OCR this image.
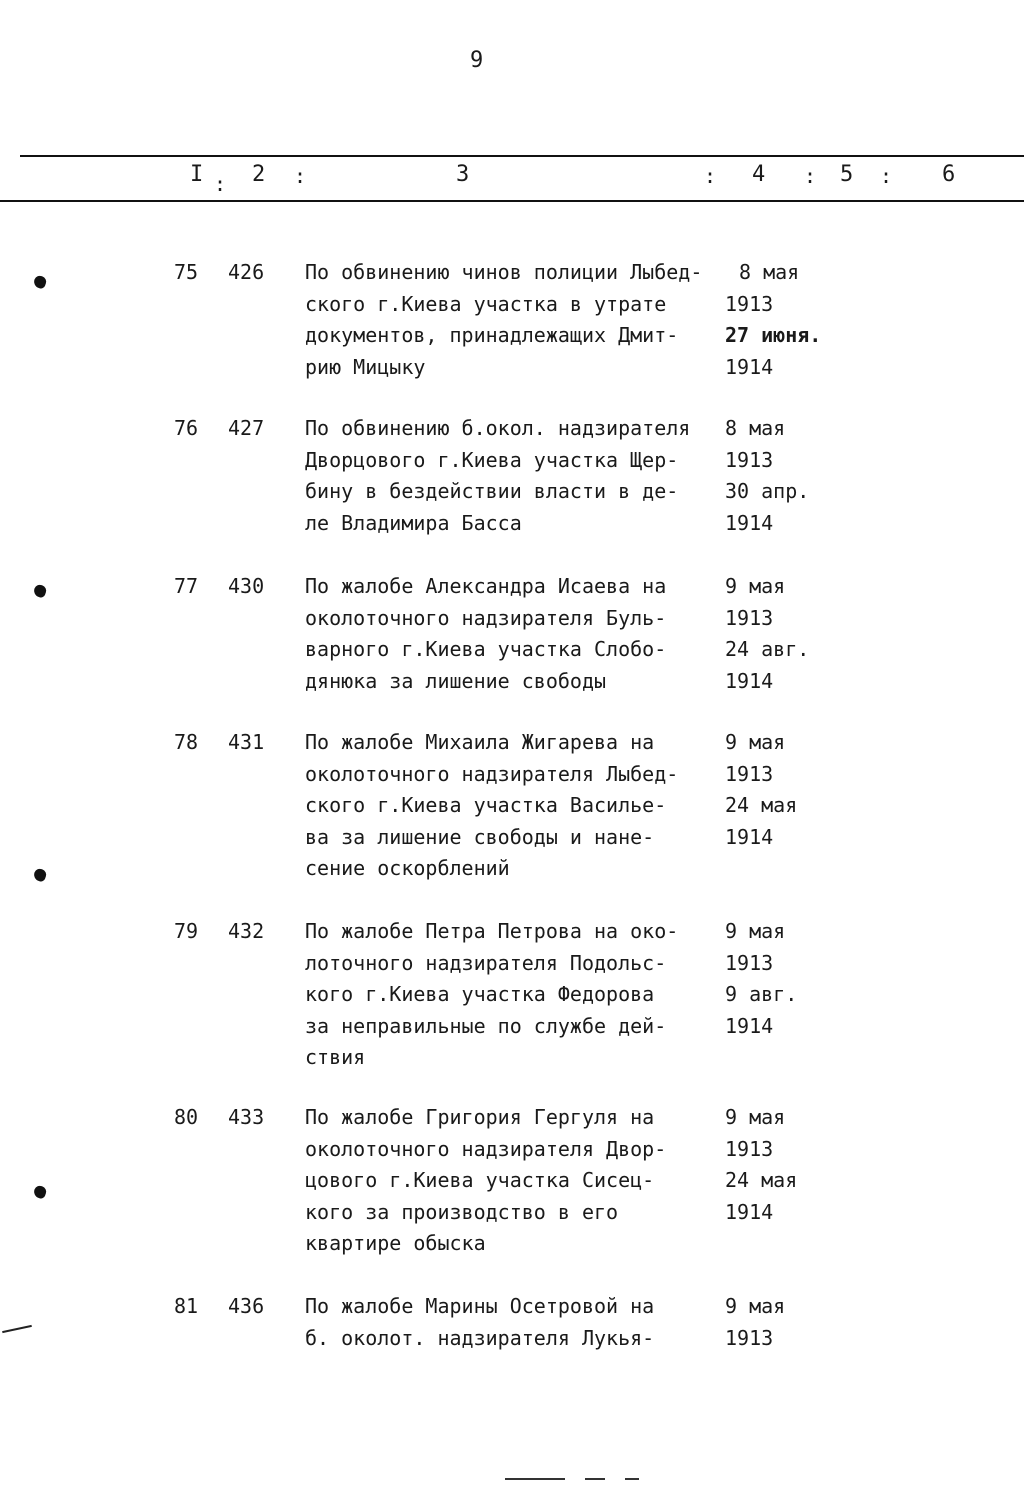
9
I : 2 :	3	: 4 : 5 : 6
75 426 По обвинению чинов полиции Лыбед-
ского г.Киева участка в утрате
документов, принадлежащих Дмит-
рию Мицыку
8 мая
1913
27 июня.
1914
76 427 По обвинению б.окол. надзирателя
Дворцового г.Киева участка Щер-
бину в бездействии власти в де-
ле Владимира Басса
8 мая
1913
30 апр.
1914
77 430 По жалобе Александра Исаева на
околоточного надзирателя Буль-
варного г.Киева участка Слобо-
дянюка за лишение свободы
9 мая
1913
24 авг.
1914
78 431 По жалобе Михаила Жигарева на
околоточного надзирателя Лыбед-
ского г.Киева участка Василье-
ва за лишение свободы и нане-
сение оскорблений
9 мая
1913
24 мая
1914
79 432 По жалобе Петра Петрова на око-
лоточного надзирателя Подольс-
кого г.Киева участка Федорова
за неправильные по службе дей-
ствия
9 мая
1913
9 авг.
1914
80 433 По жалобе Григория Гергуля на
околоточного надзирателя Двор-
цового г.Киева участка Сисец-
кого за производство в его
квартире обыска
9 мая
1913
24 мая
1914
81 436 По жалобе Марины Осетровой на
б. околот. надзирателя Лукья-
9 мая
1913
